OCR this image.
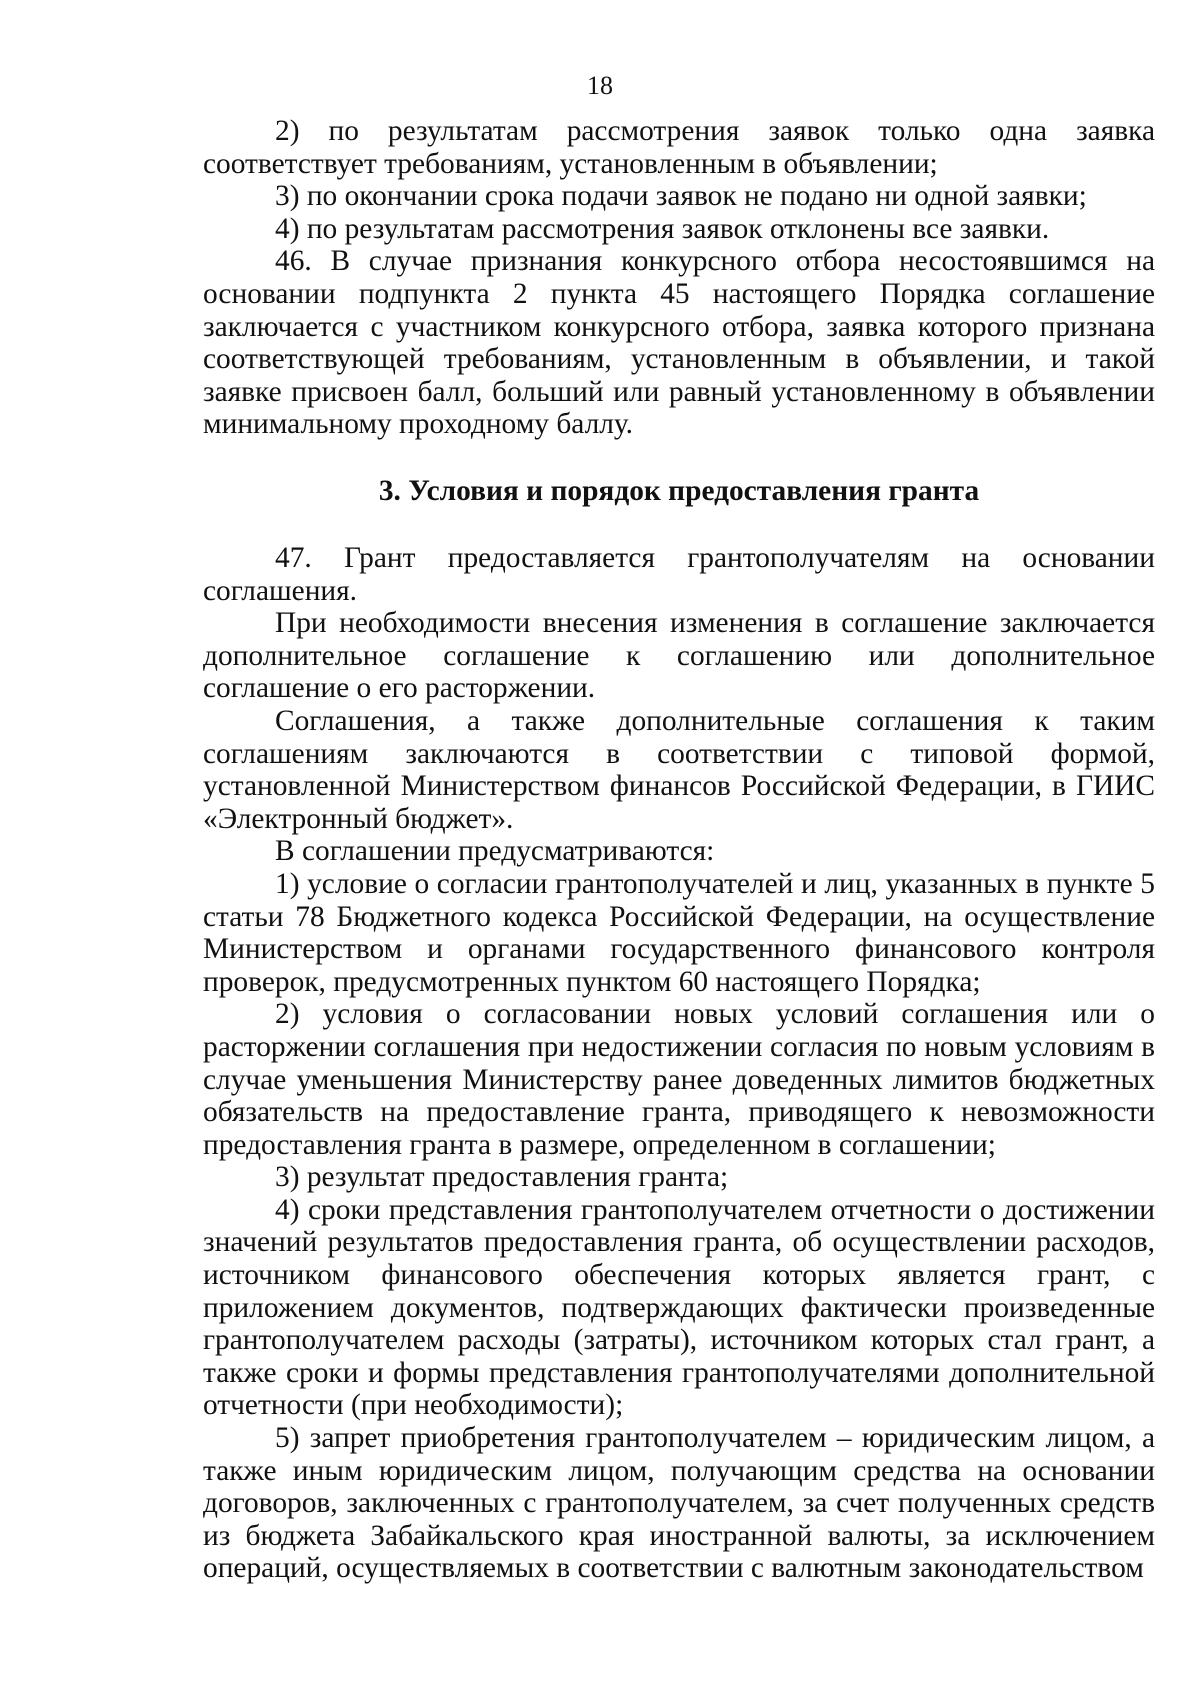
18

2) по результатам рассмотрения заявок только одна заявка соответствует требованиям, установленным в объявлении;

3) по окончании срока подачи заявок не подано ни одной заявки;

4) по результатам рассмотрения заявок отклонены все заявки.

46. В случае признания конкурсного отбора несостоявшимся на основании подпункта 2 пункта 45 настоящего Порядка соглашение заключается с участником конкурсного отбора, заявка которого признана соответствующей требованиям, установленным в объявлении, и такой заявке присвоен балл, больший или равный установленному в объявлении минимальному проходному баллу.

3. Условия и порядок предоставления гранта

47. Грант предоставляется грантополучателям на основании соглашения.

При необходимости внесения изменения в соглашение заключается дополнительное соглашение к соглашению или дополнительное соглашение о его расторжении.

Соглашения, а также дополнительные соглашения к таким соглашениям заключаются в соответствии с типовой формой, установленной Министерством финансов Российской Федерации, в ГИИС «Электронный бюджет».

В соглашении предусматриваются:

1) условие о согласии грантополучателей и лиц, указанных в пункте 5 статьи 78 Бюджетного кодекса Российской Федерации, на осуществление Министерством и органами государственного финансового контроля проверок, предусмотренных пунктом 60 настоящего Порядка;

2) условия о согласовании новых условий соглашения или о расторжении соглашения при недостижении согласия по новым условиям в случае уменьшения Министерству ранее доведенных лимитов бюджетных обязательств на предоставление гранта, приводящего к невозможности предоставления гранта в размере, определенном в соглашении;

3) результат предоставления гранта;

4) сроки представления грантополучателем отчетности о достижении значений результатов предоставления гранта, об осуществлении расходов, источником финансового обеспечения которых является грант, с приложением документов, подтверждающих фактически произведенные грантополучателем расходы (затраты), источником которых стал грант, а также сроки и формы представления грантополучателями дополнительной отчетности (при необходимости);

5) запрет приобретения грантополучателем – юридическим лицом, а также иным юридическим лицом, получающим средства на основании договоров, заключенных с грантополучателем, за счет полученных средств из бюджета Забайкальского края иностранной валюты, за исключением операций, осуществляемых в соответствии с валютным законодательством
